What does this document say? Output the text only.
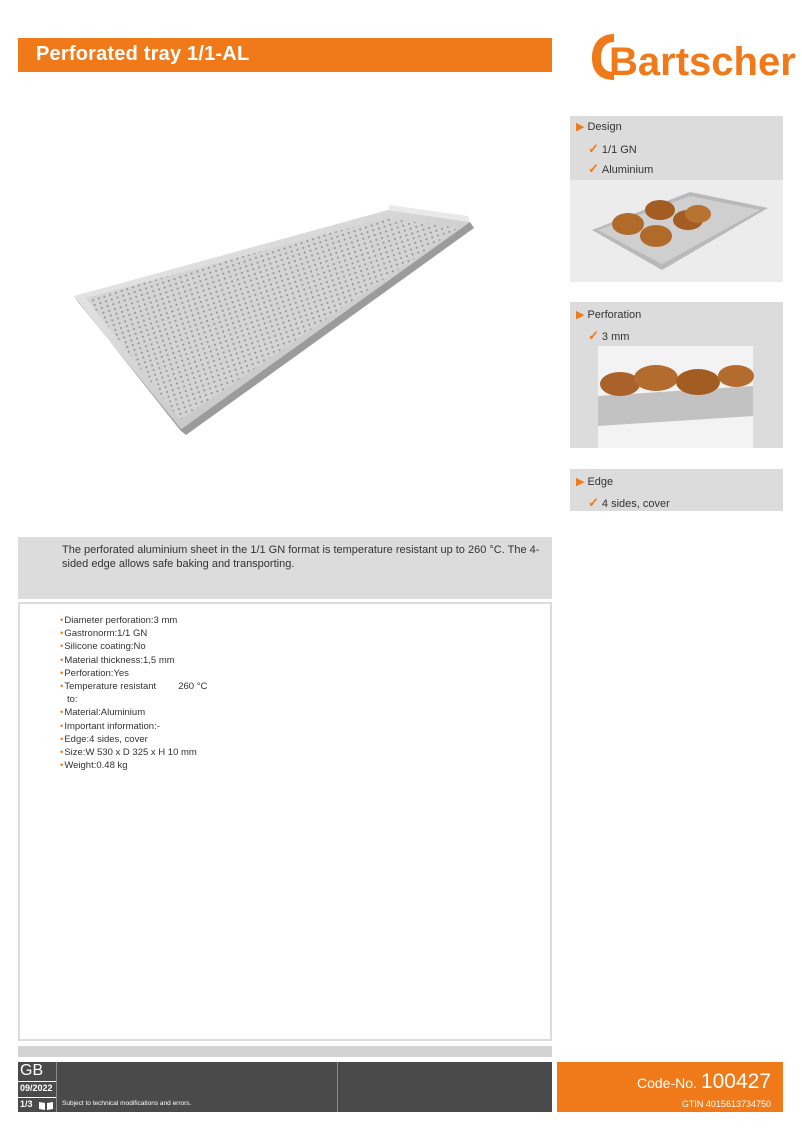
Perforated tray 1/1-AL	Bartscher
▶ Design
✓ 1/1 GN
✓ Aluminium
▶ Perforation
✓ 3 mm
▶ Edge
✓ 4 sides, cover
The perforated aluminium sheet in the 1/1 GN format is temperature resistant up to 260 °C. The 4-sided edge allows safe baking and transporting.
•Diameter perforation:3 mm
•Gastronorm:1/1 GN
•Silicone coating:No
•Material thickness:1,5 mm
•Perforation:Yes
•Temperature resistant 260 °C
to:
•Material:Aluminium
•Important information:-
•Edge:4 sides, cover
•Size:W 530 x D 325 x H 10 mm
•Weight:0.48 kg
GB
09/2022
1/3	Subject to technical modifications and errors.
Code-No. 100427
GTIN 4015613734750
